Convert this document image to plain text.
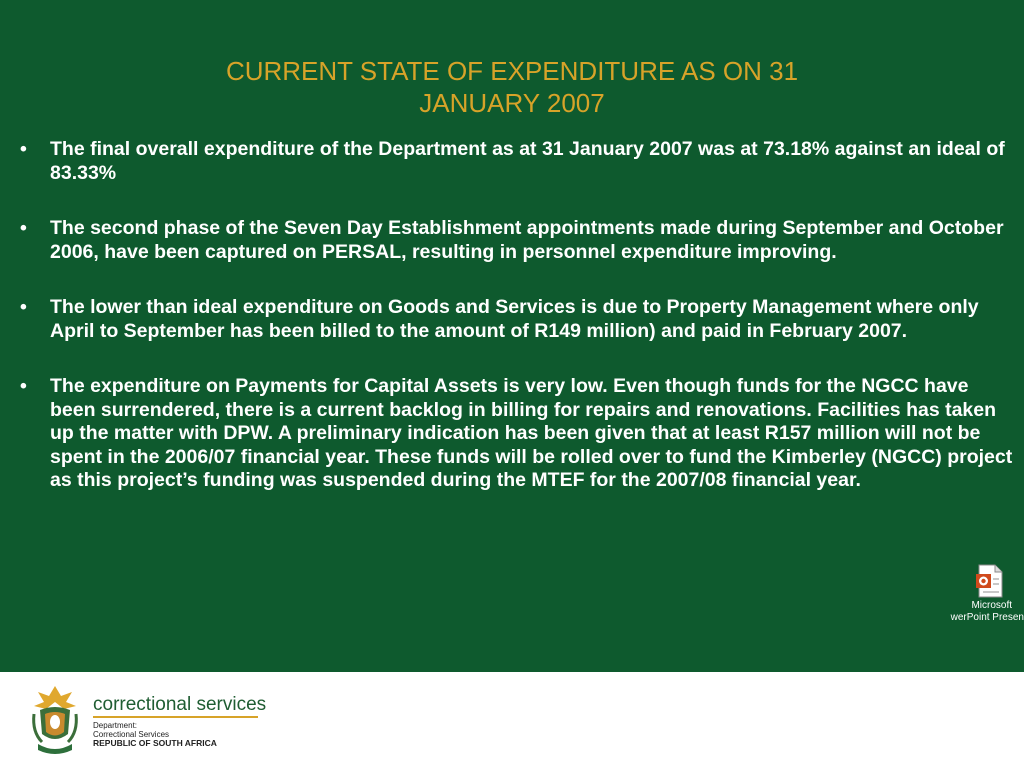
CURRENT STATE OF EXPENDITURE AS ON 31
JANUARY 2007
• The final overall expenditure of the Department as at 31 January 2007 was at 73.18% against an ideal of 83.33%
• The second phase of the Seven Day Establishment appointments made during September and October 2006, have been captured on PERSAL, resulting in personnel expenditure improving.
• The lower than ideal expenditure on Goods and Services is due to Property Management where only April to September has been billed to the amount of R149 million) and paid in February 2007.
• The expenditure on Payments for Capital Assets is very low. Even though funds for the NGCC have been surrendered, there is a current backlog in billing for repairs and renovations. Facilities has taken up the matter with DPW. A preliminary indication has been given that at least R157 million will not be spent in the 2006/07 financial year. These funds will be rolled over to fund the Kimberley (NGCC) project as this project’s funding was suspended during the MTEF for the 2007/08 financial year.
Microsoft
werPoint Presen
correctional services
Department:
Correctional Services
REPUBLIC OF SOUTH AFRICA
